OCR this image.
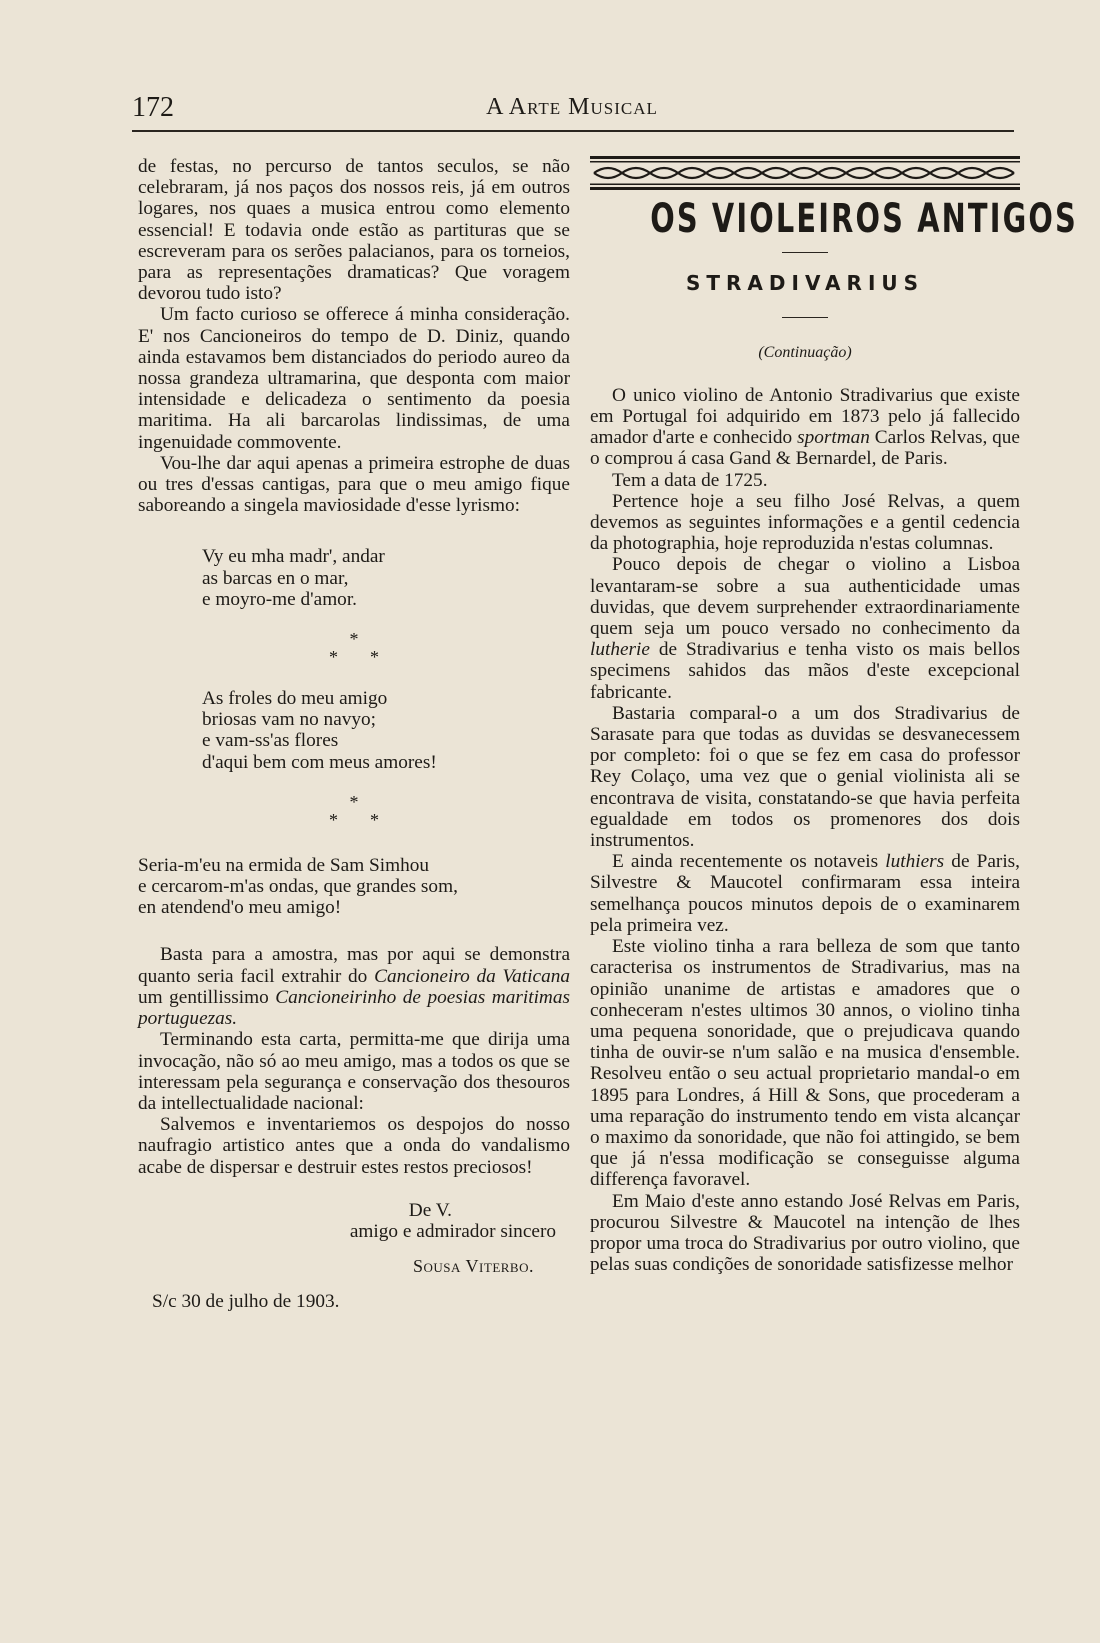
172	A Arte Musical

de festas, no percurso de tantos seculos, se não celebraram, já nos paços dos nossos reis, já em outros logares, nos quaes a musica entrou como elemento essencial! E todavia onde estão as partituras que se escreveram para os serões palacianos, para os torneios, para as representações dramaticas? Que voragem devorou tudo isto?

Um facto curioso se offerece á minha consideração. E' nos Cancioneiros do tempo de D. Diniz, quando ainda estavamos bem distanciados do periodo aureo da nossa grandeza ultramarina, que desponta com maior intensidade e delicadeza o sentimento da poesia maritima. Ha ali barcarolas lindissimas, de uma ingenuidade commovente.

Vou-lhe dar aqui apenas a primeira estrophe de duas ou tres d'essas cantigas, para que o meu amigo fique saboreando a singela maviosidade d'esse lyrismo:

Vy eu mha madr', andar
as barcas en o mar,
e moyro-me d'amor.
*
* *
As froles do meu amigo
briosas vam no navyo;
e vam-ss'as flores
d'aqui bem com meus amores!
*
* *
Seria-m'eu na ermida de Sam Simhou
e cercarom-m'as ondas, que grandes som,
en atendend'o meu amigo!

Basta para a amostra, mas por aqui se demonstra quanto seria facil extrahir do Cancioneiro da Vaticana um gentillissimo Cancioneirinho de poesias maritimas portuguezas.

Terminando esta carta, permitta-me que dirija uma invocação, não só ao meu amigo, mas a todos os que se interessam pela segurança e conservação dos thesouros da intellectualidade nacional:

Salvemos e inventariemos os despojos do nosso naufragio artistico antes que a onda do vandalismo acabe de dispersar e destruir estes restos preciosos!

De V.
amigo e admirador sincero
Sousa Viterbo.
S/c 30 de julho de 1903.
OS VIOLEIROS ANTIGOS
STRADIVARIUS
(Continuação)

O unico violino de Antonio Stradivarius que existe em Portugal foi adquirido em 1873 pelo já fallecido amador d'arte e conhecido sportman Carlos Relvas, que o comprou á casa Gand & Bernardel, de Paris.

Tem a data de 1725.

Pertence hoje a seu filho José Relvas, a quem devemos as seguintes informações e a gentil cedencia da photographia, hoje reproduzida n'estas columnas.

Pouco depois de chegar o violino a Lisboa levantaram-se sobre a sua authenticidade umas duvidas, que devem surprehender extraordinariamente quem seja um pouco versado no conhecimento da lutherie de Stradivarius e tenha visto os mais bellos specimens sahidos das mãos d'este excepcional fabricante.

Bastaria comparal-o a um dos Stradivarius de Sarasate para que todas as duvidas se desvanecessem por completo: foi o que se fez em casa do professor Rey Colaço, uma vez que o genial violinista ali se encontrava de visita, constatando-se que havia perfeita egualdade em todos os promenores dos dois instrumentos.

E ainda recentemente os notaveis luthiers de Paris, Silvestre & Maucotel confirmaram essa inteira semelhança poucos minutos depois de o examinarem pela primeira vez.

Este violino tinha a rara belleza de som que tanto caracterisa os instrumentos de Stradivarius, mas na opinião unanime de artistas e amadores que o conheceram n'estes ultimos 30 annos, o violino tinha uma pequena sonoridade, que o prejudicava quando tinha de ouvir-se n'um salão e na musica d'ensemble. Resolveu então o seu actual proprietario mandal-o em 1895 para Londres, á Hill & Sons, que procederam a uma reparação do instrumento tendo em vista alcançar o maximo da sonoridade, que não foi attingido, se bem que já n'essa modificação se conseguisse alguma differença favoravel.

Em Maio d'este anno estando José Relvas em Paris, procurou Silvestre & Maucotel na intenção de lhes propor uma troca do Stradivarius por outro violino, que pelas suas condições de sonoridade satisfizesse melhor
